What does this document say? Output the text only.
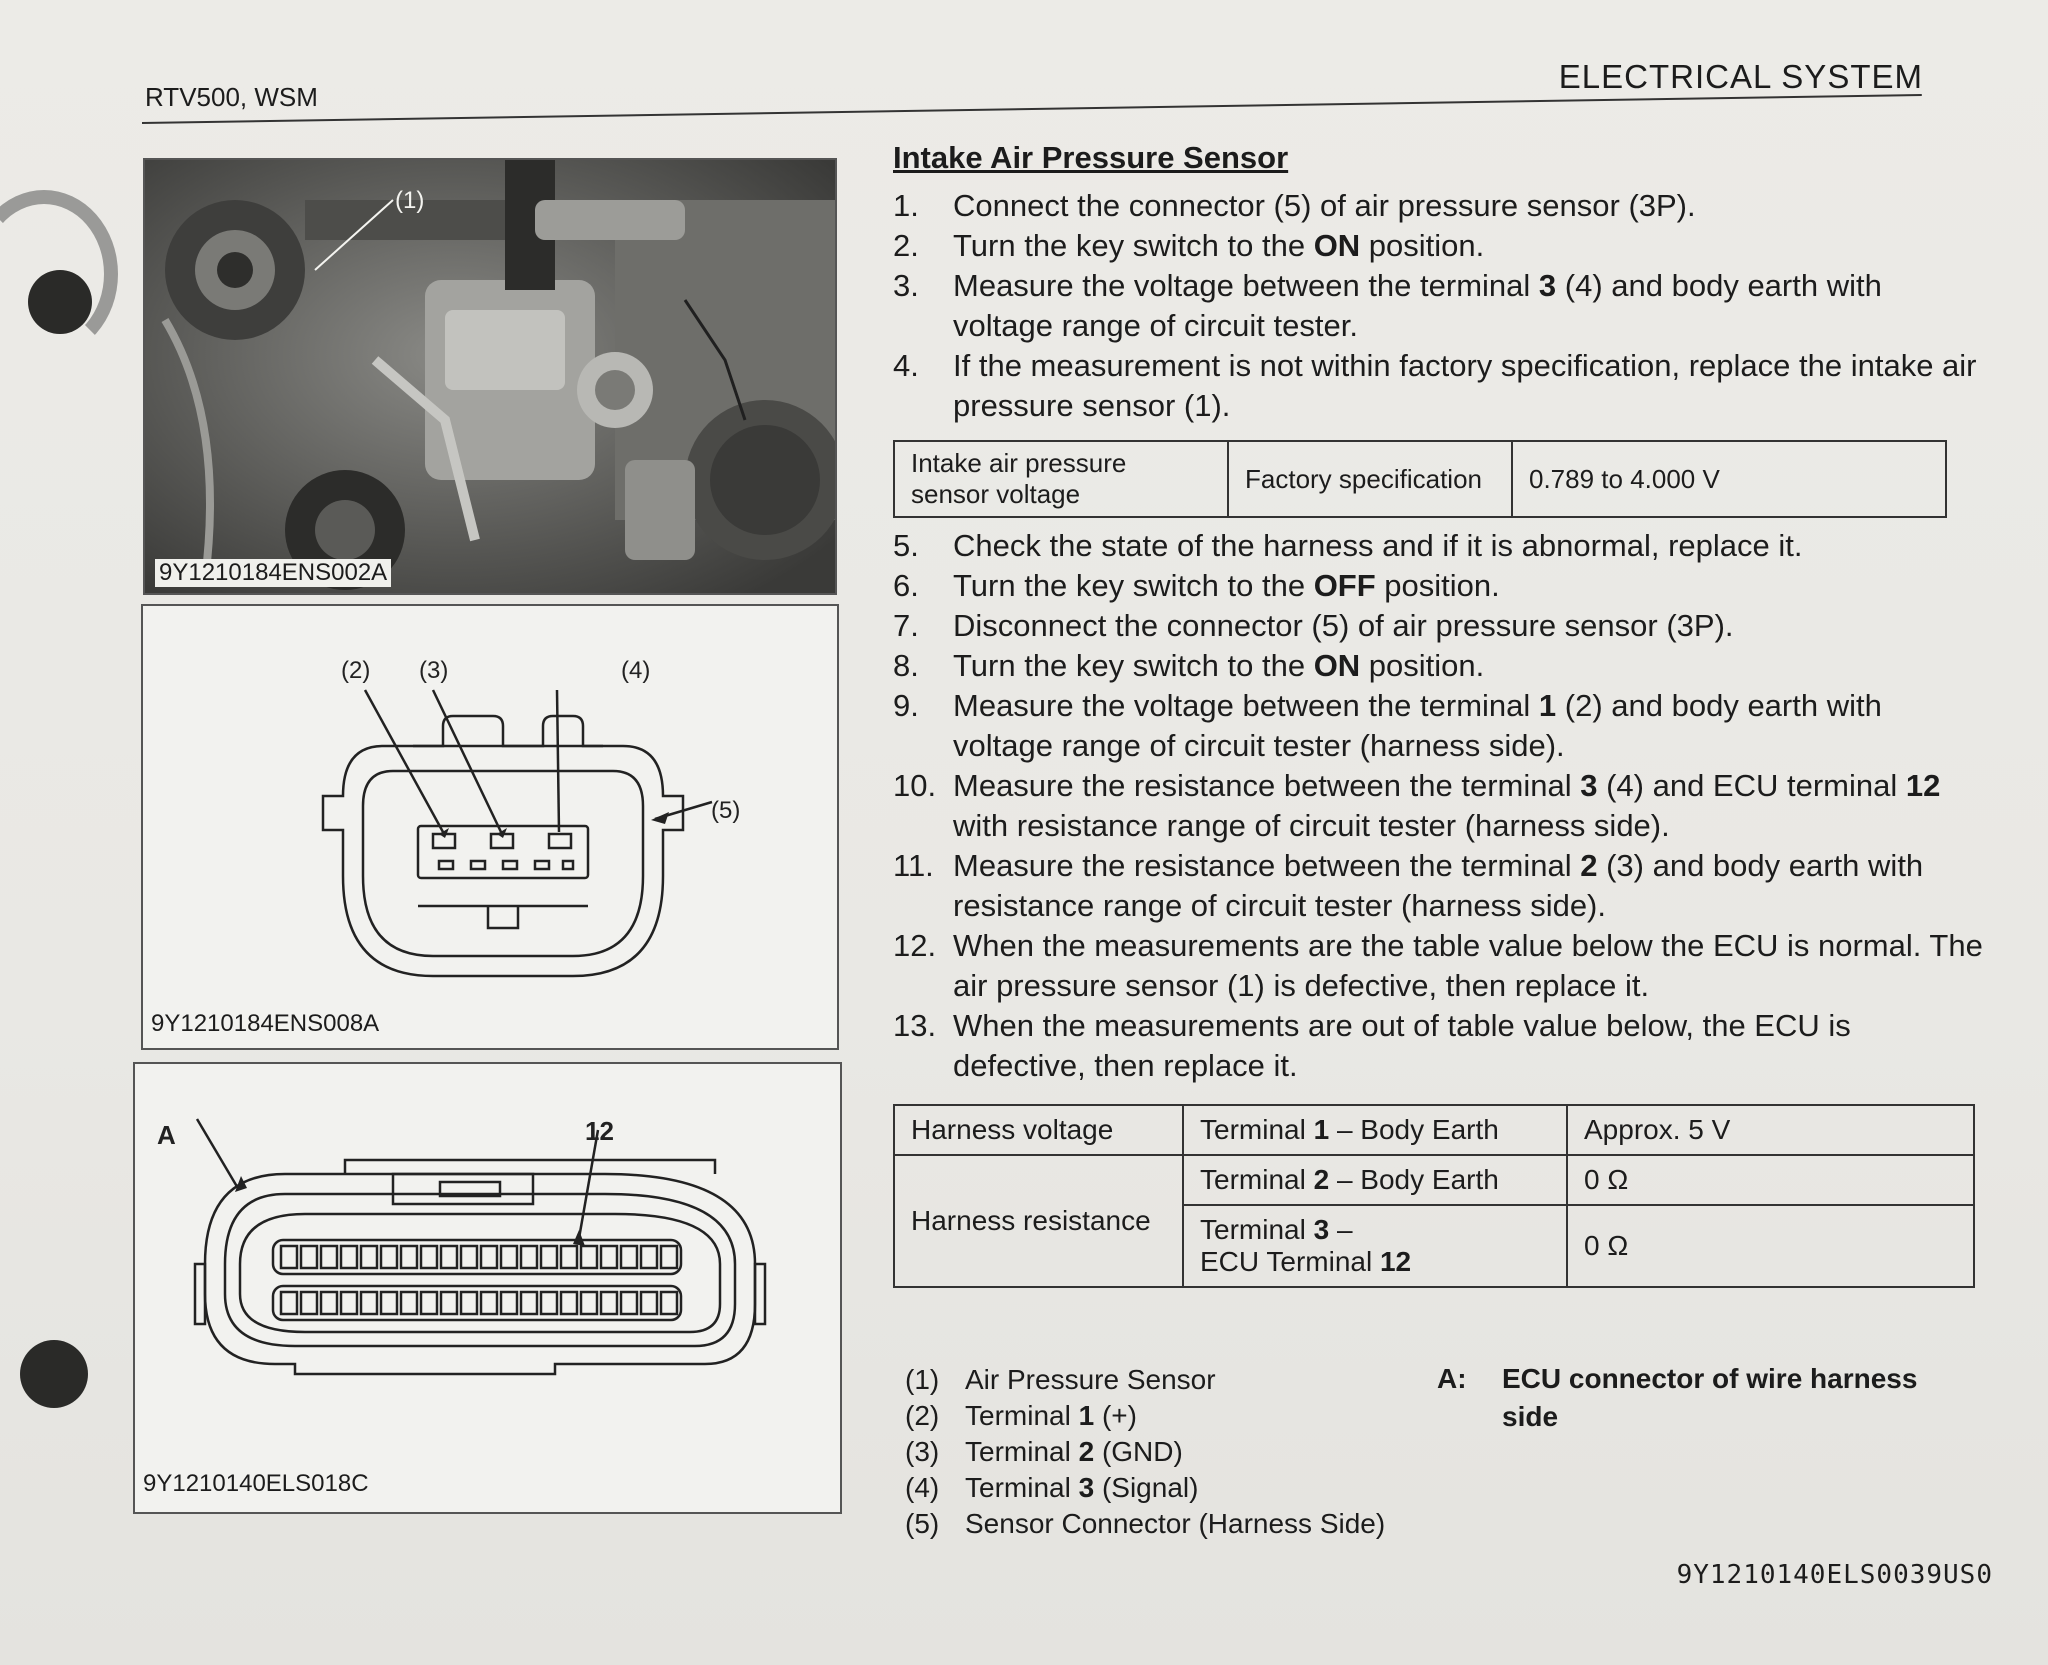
RTV500, WSM
ELECTRICAL SYSTEM
(1)
9Y1210184ENS002A
(2) (3)	(4)
(5)
9Y1210184ENS008A
A	12
9Y1210140ELS018C
Intake Air Pressure Sensor
1.	Connect the connector (5) of air pressure sensor (3P).
2.	Turn the key switch to the ON position.
3.	Measure the voltage between the terminal 3 (4) and body earth with voltage range of circuit tester.
4.	If the measurement is not within factory specification, replace the intake air pressure sensor (1).
Intake air pressure sensor voltage	Factory specification	0.789 to 4.000 V
5.	Check the state of the harness and if it is abnormal, replace it.
6.	Turn the key switch to the OFF position.
7.	Disconnect the connector (5) of air pressure sensor (3P).
8.	Turn the key switch to the ON position.
9.	Measure the voltage between the terminal 1 (2) and body earth with voltage range of circuit tester (harness side).
10. Measure the resistance between the terminal 3 (4) and ECU terminal 12 with resistance range of circuit tester (harness side).
11. Measure the resistance between the terminal 2 (3) and body earth with resistance range of circuit tester (harness side).
12. When the measurements are the table value below the ECU is normal. The air pressure sensor (1) is defective, then replace it.
13. When the measurements are out of table value below, the ECU is defective, then replace it.
Harness voltage	Terminal 1 – Body Earth	Approx. 5 V
Harness resistance	Terminal 2 – Body Earth	0 Ω
	Terminal 3 –
ECU Terminal 12	0 Ω
(1) Air Pressure Sensor
(2) Terminal 1 (+)
(3) Terminal 2 (GND)
(4) Terminal 3 (Signal)
(5) Sensor Connector (Harness Side)
A:	ECU connector of wire harness side
9Y1210140ELS0039US0
